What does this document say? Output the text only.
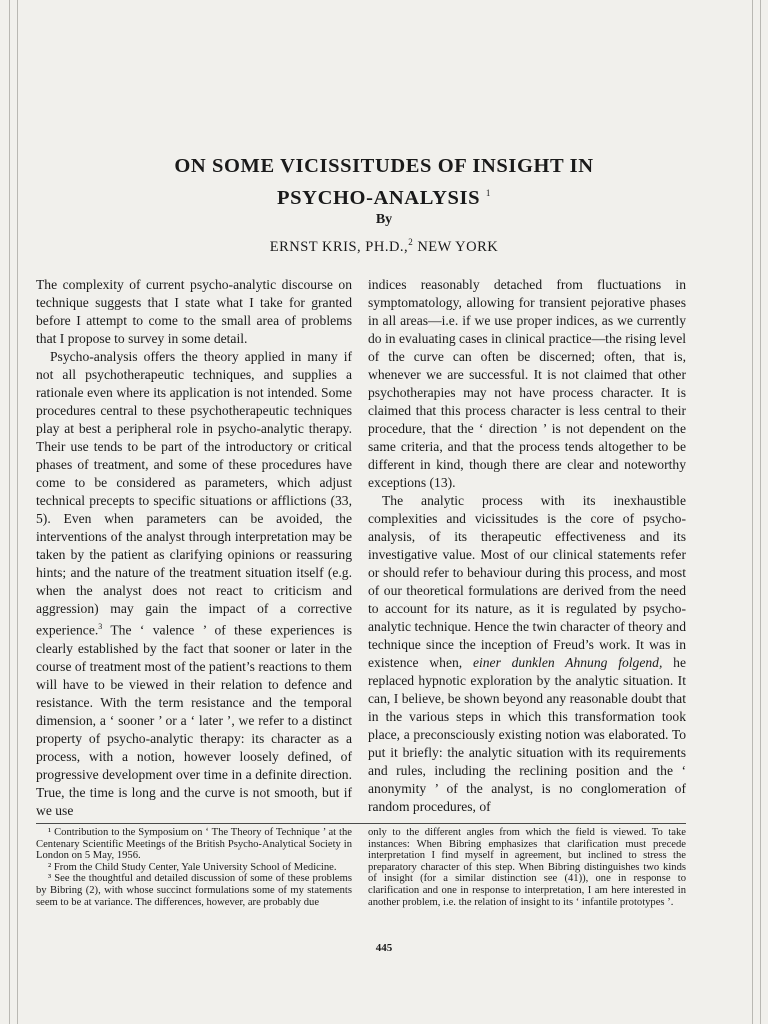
ON SOME VICISSITUDES OF INSIGHT IN
PSYCHO-ANALYSIS $^1$
By
ERNST KRIS, PH.D.,$^2$ NEW YORK

The complexity of current psycho-analytic discourse on technique suggests that I state what I take for granted before I attempt to come to the small area of problems that I propose to survey in some detail.

Psycho-analysis offers the theory applied in many if not all psychotherapeutic techniques, and supplies a rationale even where its application is not intended. Some procedures central to these psychotherapeutic techniques play at best a peripheral role in psycho-analytic therapy. Their use tends to be part of the introductory or critical phases of treatment, and some of these procedures have come to be considered as parameters, which adjust technical precepts to specific situations or afflictions (33, 5). Even when parameters can be avoided, the interventions of the analyst through interpretation may be taken by the patient as clarifying opinions or reassuring hints; and the nature of the treatment situation itself (e.g. when the analyst does not react to criticism and aggression) may gain the impact of a corrective experience.$^3$ The ‘ valence ’ of these experiences is clearly established by the fact that sooner or later in the course of treatment most of the patient’s reactions to them will have to be viewed in their relation to defence and resistance. With the term resistance and the temporal dimension, a ‘ sooner ’ or a ‘ later ’, we refer to a distinct property of psycho-analytic therapy: its character as a process, with a notion, however loosely defined, of progressive development over time in a definite direction. True, the time is long and the curve is not smooth, but if we use

indices reasonably detached from fluctuations in symptomatology, allowing for transient pejorative phases in all areas—i.e. if we use proper indices, as we currently do in evaluating cases in clinical practice—the rising level of the curve can often be discerned; often, that is, whenever we are successful. It is not claimed that other psychotherapies may not have process character. It is claimed that this process character is less central to their procedure, that the ‘ direction ’ is not dependent on the same criteria, and that the process tends altogether to be different in kind, though there are clear and noteworthy exceptions (13).

The analytic process with its inexhaustible complexities and vicissitudes is the core of psycho-analysis, of its therapeutic effectiveness and its investigative value. Most of our clinical statements refer or should refer to behaviour during this process, and most of our theoretical formulations are derived from the need to account for its nature, as it is regulated by psycho-analytic technique. Hence the twin character of theory and technique since the inception of Freud’s work. It was in existence when, einer dunklen Ahnung folgend, he replaced hypnotic exploration by the analytic situation. It can, I believe, be shown beyond any reasonable doubt that in the various steps in which this transformation took place, a preconsciously existing notion was elaborated. To put it briefly: the analytic situation with its requirements and rules, including the reclining position and the ‘ anonymity ’ of the analyst, is no conglomeration of random procedures, of

¹ Contribution to the Symposium on ‘ The Theory of Technique ’ at the Centenary Scientific Meetings of the British Psycho-Analytical Society in London on 5 May, 1956.

² From the Child Study Center, Yale University School of Medicine.

³ See the thoughtful and detailed discussion of some of these problems by Bibring (2), with whose succinct formulations some of my statements seem to be at variance. The differences, however, are probably due

only to the different angles from which the field is viewed. To take instances: When Bibring emphasizes that clarification must precede interpretation I find myself in agreement, but inclined to stress the preparatory character of this step. When Bibring distinguishes two kinds of insight (for a similar distinction see (41)), one in response to clarification and one in response to interpretation, I am here interested in another problem, i.e. the relation of insight to its ‘ infantile prototypes ’.

445
